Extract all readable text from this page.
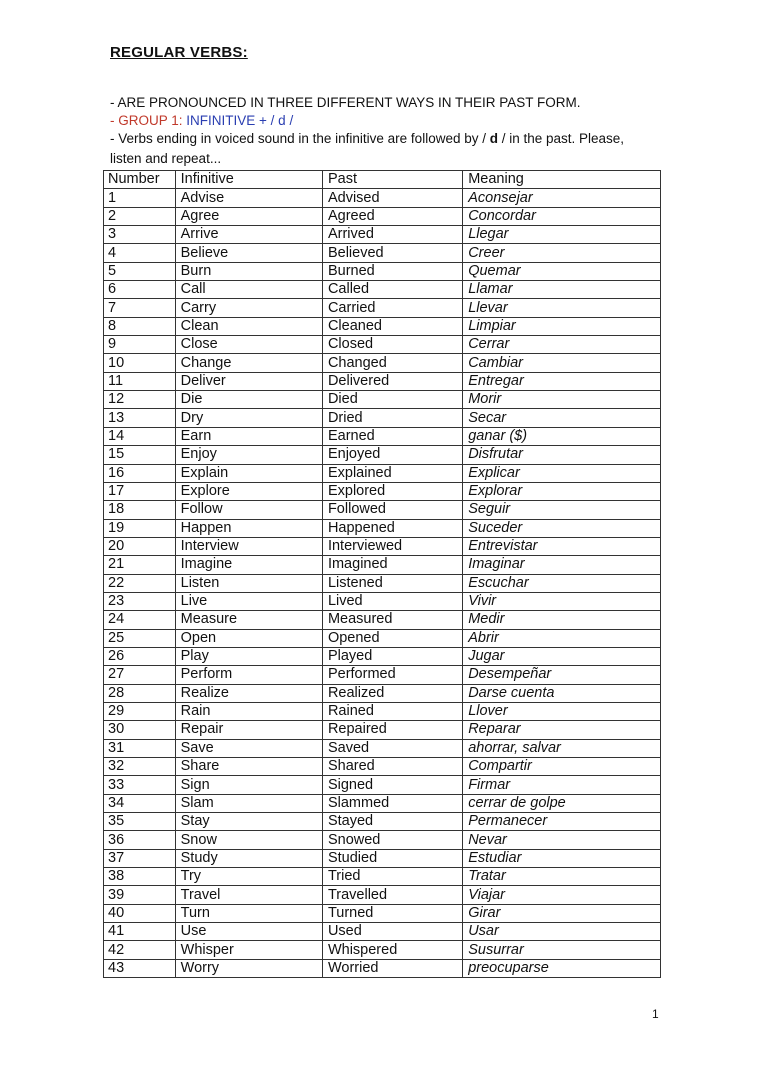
REGULAR VERBS:
- ARE PRONOUNCED IN THREE DIFFERENT WAYS IN THEIR PAST FORM.
- GROUP 1: INFINITIVE + / d /
- Verbs ending in voiced sound in the infinitive are followed by / d / in the past. Please,
listen and repeat...
Number	Infinitive	Past	Meaning
1	Advise	Advised	Aconsejar
2	Agree	Agreed	Concordar
3	Arrive	Arrived	Llegar
4	Believe	Believed	Creer
5	Burn	Burned	Quemar
6	Call	Called	Llamar
7	Carry	Carried	Llevar
8	Clean	Cleaned	Limpiar
9	Close	Closed	Cerrar
10	Change	Changed	Cambiar
11	Deliver	Delivered	Entregar
12	Die	Died	Morir
13	Dry	Dried	Secar
14	Earn	Earned	ganar ($)
15	Enjoy	Enjoyed	Disfrutar
16	Explain	Explained	Explicar
17	Explore	Explored	Explorar
18	Follow	Followed	Seguir
19	Happen	Happened	Suceder
20	Interview	Interviewed	Entrevistar
21	Imagine	Imagined	Imaginar
22	Listen	Listened	Escuchar
23	Live	Lived	Vivir
24	Measure	Measured	Medir
25	Open	Opened	Abrir
26	Play	Played	Jugar
27	Perform	Performed	Desempeñar
28	Realize	Realized	Darse cuenta
29	Rain	Rained	Llover
30	Repair	Repaired	Reparar
31	Save	Saved	ahorrar, salvar
32	Share	Shared	Compartir
33	Sign	Signed	Firmar
34	Slam	Slammed	cerrar de golpe
35	Stay	Stayed	Permanecer
36	Snow	Snowed	Nevar
37	Study	Studied	Estudiar
38	Try	Tried	Tratar
39	Travel	Travelled	Viajar
40	Turn	Turned	Girar
41	Use	Used	Usar
42	Whisper	Whispered	Susurrar
43	Worry	Worried	preocuparse
1
